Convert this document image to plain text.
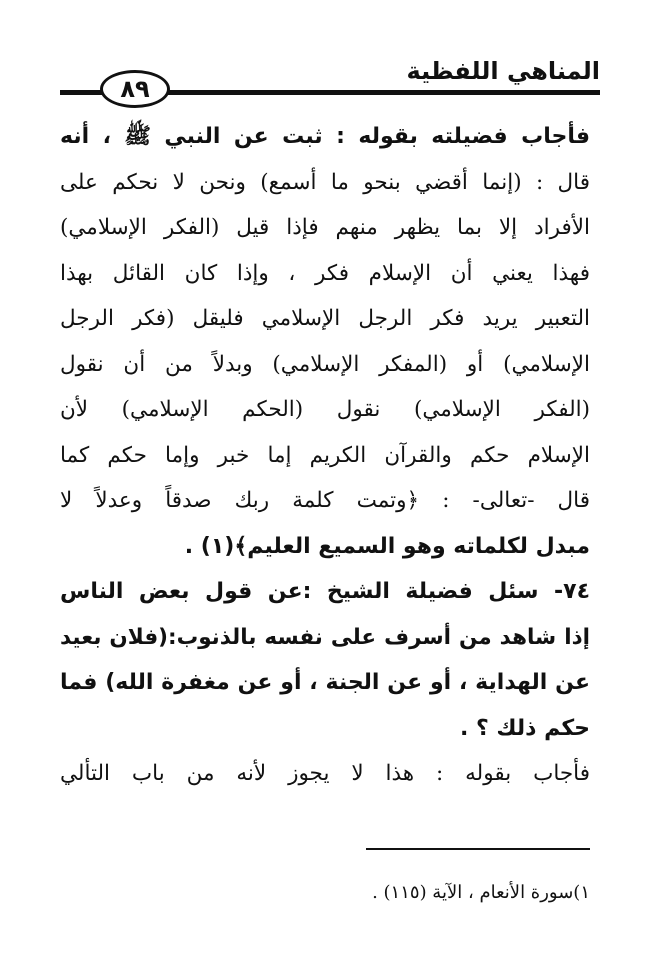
المناهي اللفظية
٨٩
فأجاب فضيلته بقوله : ثبت عن النبي ﷺ ، أنه
قال : (إنما أقضي بنحو ما أسمع) ونحن لا نحكم على
الأفراد إلا بما يظهر منهم فإذا قيل (الفكر الإسلامي)
فهذا يعني أن الإسلام فكر ، وإذا كان القائل بهذا
التعبير يريد فكر الرجل الإسلامي فليقل (فكر الرجل
الإسلامي) أو (المفكر الإسلامي) وبدلاً من أن نقول
(الفكر الإسلامي) نقول (الحكم الإسلامي) لأن
الإسلام حكم والقرآن الكريم إما خبر وإما حكم كما
قال -تعالى- : ﴿وتمت كلمة ربك صدقاً وعدلاً لا
مبدل لكلماته وهو السميع العليم﴾(١) .
٧٤- سئل فضيلة الشيخ :عن قول بعض الناس
إذا شاهد من أسرف على نفسه بالذنوب:(فلان بعيد
عن الهداية ، أو عن الجنة ، أو عن مغفرة الله) فما
حكم ذلك ؟ .
فأجاب بقوله : هذا لا يجوز لأنه من باب التألي
١)سورة الأنعام ، الآية (١١٥) .
